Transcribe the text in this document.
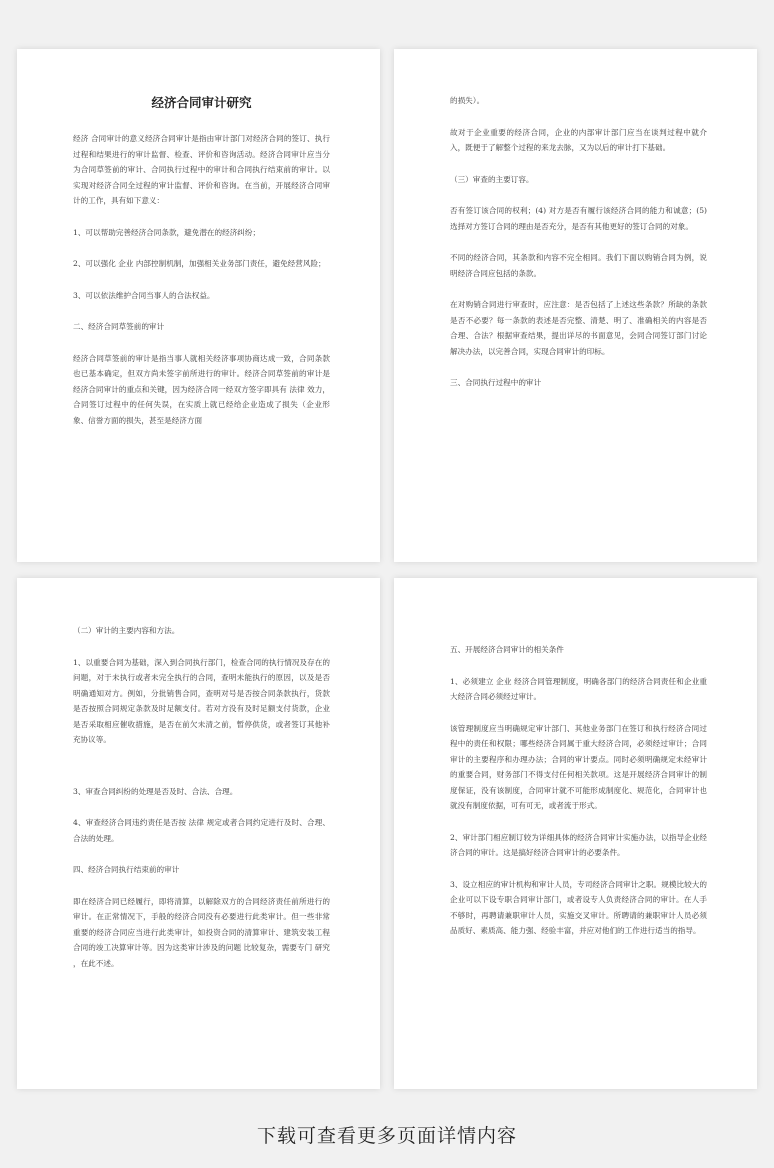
经济合同审计研究

经济 合同审计的意义经济合同审计是指由审计部门对经济合同的签订、执行过程和结果进行的审计监督、检查、评价和咨询活动。经济合同审计应当分为合同草签前的审计、合同执行过程中的审计和合同执行结束前的审计。以实现对经济合同全过程的审计监督、评价和咨询。在当前，开展经济合同审计的工作，具有如下意义：

1、可以帮助完善经济合同条款，避免潜在的经济纠纷；

2、可以强化 企业 内部控制机制，加强相关业务部门责任，避免经营风险；

3、可以依法维护合同当事人的合法权益。

二、经济合同草签前的审计

经济合同草签前的审计是指当事人就相关经济事项协商达成一致，合同条款也已基本确定，但双方尚未签字前所进行的审计。经济合同草签前的审计是经济合同审计的重点和关键，因为经济合同一经双方签字即具有 法律 效力，合同签订过程中的任何失误，在实质上就已经给企业造成了损失（企业形象、信誉方面的损失，甚至是经济方面

的损失）。

故对于企业重要的经济合同，企业的内部审计部门应当在谈判过程中就介入，既便于了解整个过程的来龙去脉，又为以后的审计打下基础。

（三）审查的主要订容。

否有签订该合同的权利；(4) 对方是否有履行该经济合同的能力和诚意；(5) 选择对方签订合同的理由是否充分，是否有其他更好的签订合同的对象。

不同的经济合同，其条款和内容不完全相同。我们下面以购销合同为例，说明经济合同应包括的条款。

在对购销合同进行审查时，应注意：是否包括了上述这些条款？所缺的条款是否不必要？每一条款的表述是否完整、清楚、明了、准确相关的内容是否合理、合法？根据审查结果，提出详尽的书面意见，会同合同签订部门讨论解决办法，以完善合同，实现合同审计的印标。

三、合同执行过程中的审计

（二）审计的主要内容和方法。

1、以重要合同为基础，深入到合同执行部门，检查合同的执行情况及存在的问题，对于未执行或者未完全执行的合同，查明未能执行的原因，以及是否明确通知对方。例如，分批销售合同，查明对号是否按合同条款执行，货款是否按照合同规定条款及时足额支付。若对方没有及时足额支付货款，企业是否采取相应催收措施，是否在前欠未清之前，暂停供货，或者签订其他补充协议等。

3、审查合同纠纷的处理是否及时、合法、合理。

4、审查经济合同违约责任是否按 法律 规定或者合同约定进行及时、合理、合法的处理。

四、经济合同执行结束前的审计

即在经济合同已经履行，即将清算，以解除双方的合同经济责任前所进行的审计。在正常情况下，手般的经济合同没有必要进行此类审计。但一些非常重要的经济合同应当进行此类审计，如投资合同的清算审计、建筑安装工程合同的竣工决算审计等。因为这类审计涉及的问题 比较复杂，需要专门 研究 ，在此不述。

五、开展经济合同审计的相关条件

1、必须建立 企业 经济合同管理制度，明确各部门的经济合同责任和企业重大经济合同必须经过审计。

该管理制度应当明确规定审计部门、其他业务部门在签订和执行经济合同过程中的责任和权限；哪些经济合同属于重大经济合同，必须经过审计；合同审计的主要程序和办理办法；合同的审计要点。同时必须明确规定未经审计的重要合同，财务部门不得支付任何相关款项。这是开展经济合同审计的制度保证，没有该制度，合同审计就不可能形成制度化、规范化，合同审计也就没有制度依据，可有可无，或者流于形式。

2、审计部门相应制订较为详细具体的经济合同审计实施办法，以指导企业经济合同的审计。这是搞好经济合同审计的必要条件。

3、设立相应的审计机构和审计人员，专司经济合同审计之职。规模比较大的企业可以下设专职合同审计部门，或者设专人负责经济合同的审计。在人手不够时，再聘请兼职审计人员，实施交叉审计。所聘请的兼职审计人员必须品质好、素质高、能力强、经验丰富，并应对他们的工作进行适当的指导。

下载可查看更多页面详情内容
